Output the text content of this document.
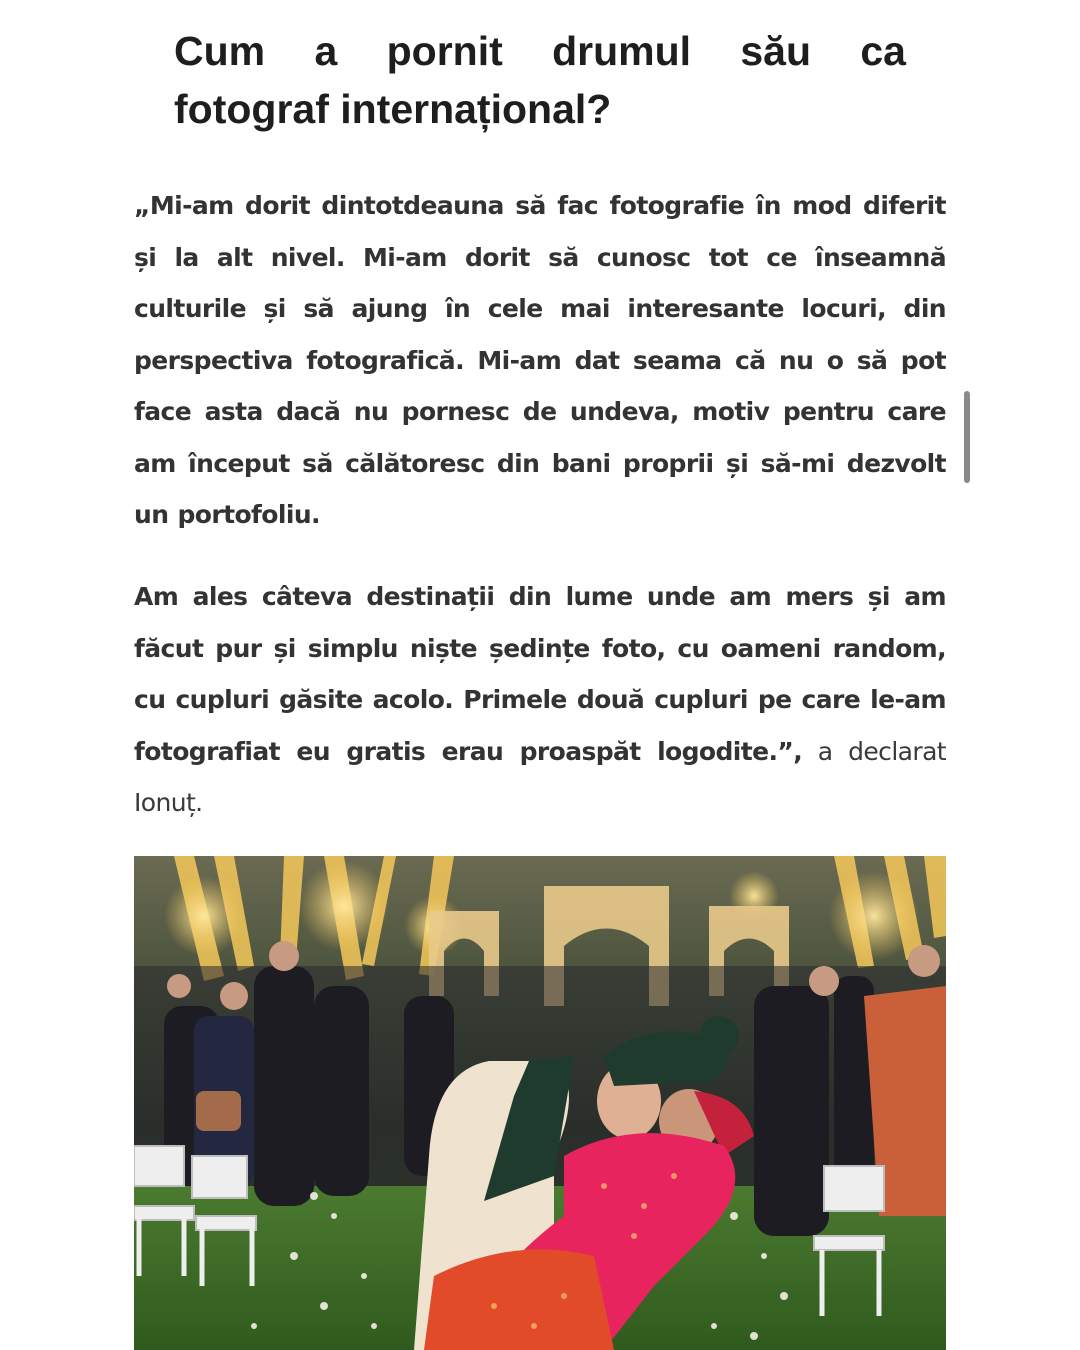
Cum a pornit drumul său ca
fotograf internațional?

„Mi-am dorit dintotdeauna să fac fotografie în mod diferit și la alt nivel. Mi-am dorit să cunosc tot ce înseamnă culturile și să ajung în cele mai interesante locuri, din perspectiva fotografică. Mi-am dat seama că nu o să pot face asta dacă nu pornesc de undeva, motiv pentru care am început să călătoresc din bani proprii și să-mi dezvolt un portofoliu.

Am ales câteva destinații din lume unde am mers și am făcut pur și simplu niște ședințe foto, cu oameni random, cu cupluri găsite acolo. Primele două cupluri pe care le-am fotografiat eu gratis erau proaspăt logodite.”, a declarat Ionuț.
